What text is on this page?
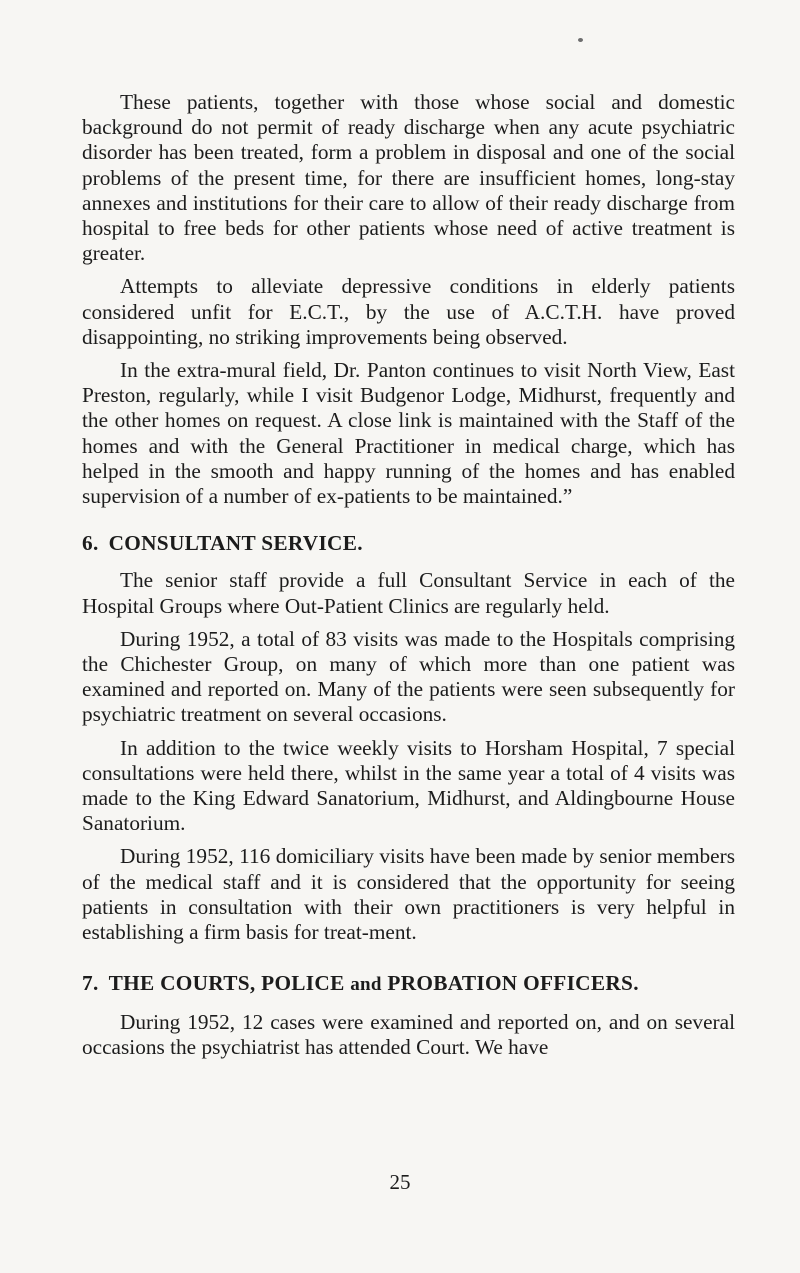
These patients, together with those whose social and domestic background do not permit of ready discharge when any acute psychiatric disorder has been treated, form a problem in disposal and one of the social problems of the present time, for there are insufficient homes, long-stay annexes and institutions for their care to allow of their ready discharge from hospital to free beds for other patients whose need of active treatment is greater.

Attempts to alleviate depressive conditions in elderly patients considered unfit for E.C.T., by the use of A.C.T.H. have proved disappointing, no striking improvements being observed.

In the extra-mural field, Dr. Panton continues to visit North View, East Preston, regularly, while I visit Budgenor Lodge, Midhurst, frequently and the other homes on request. A close link is maintained with the Staff of the homes and with the General Practitioner in medical charge, which has helped in the smooth and happy running of the homes and has enabled supervision of a number of ex-patients to be maintained.”

6. CONSULTANT SERVICE.

The senior staff provide a full Consultant Service in each of the Hospital Groups where Out-Patient Clinics are regularly held.

During 1952, a total of 83 visits was made to the Hospitals comprising the Chichester Group, on many of which more than one patient was examined and reported on. Many of the patients were seen subsequently for psychiatric treatment on several occasions.

In addition to the twice weekly visits to Horsham Hospital, 7 special consultations were held there, whilst in the same year a total of 4 visits was made to the King Edward Sanatorium, Midhurst, and Aldingbourne House Sanatorium.

During 1952, 116 domiciliary visits have been made by senior members of the medical staff and it is considered that the opportunity for seeing patients in consultation with their own practitioners is very helpful in establishing a firm basis for treat-ment.

7. THE COURTS, POLICE and PROBATION OFFICERS.

During 1952, 12 cases were examined and reported on, and on several occasions the psychiatrist has attended Court. We have

25
